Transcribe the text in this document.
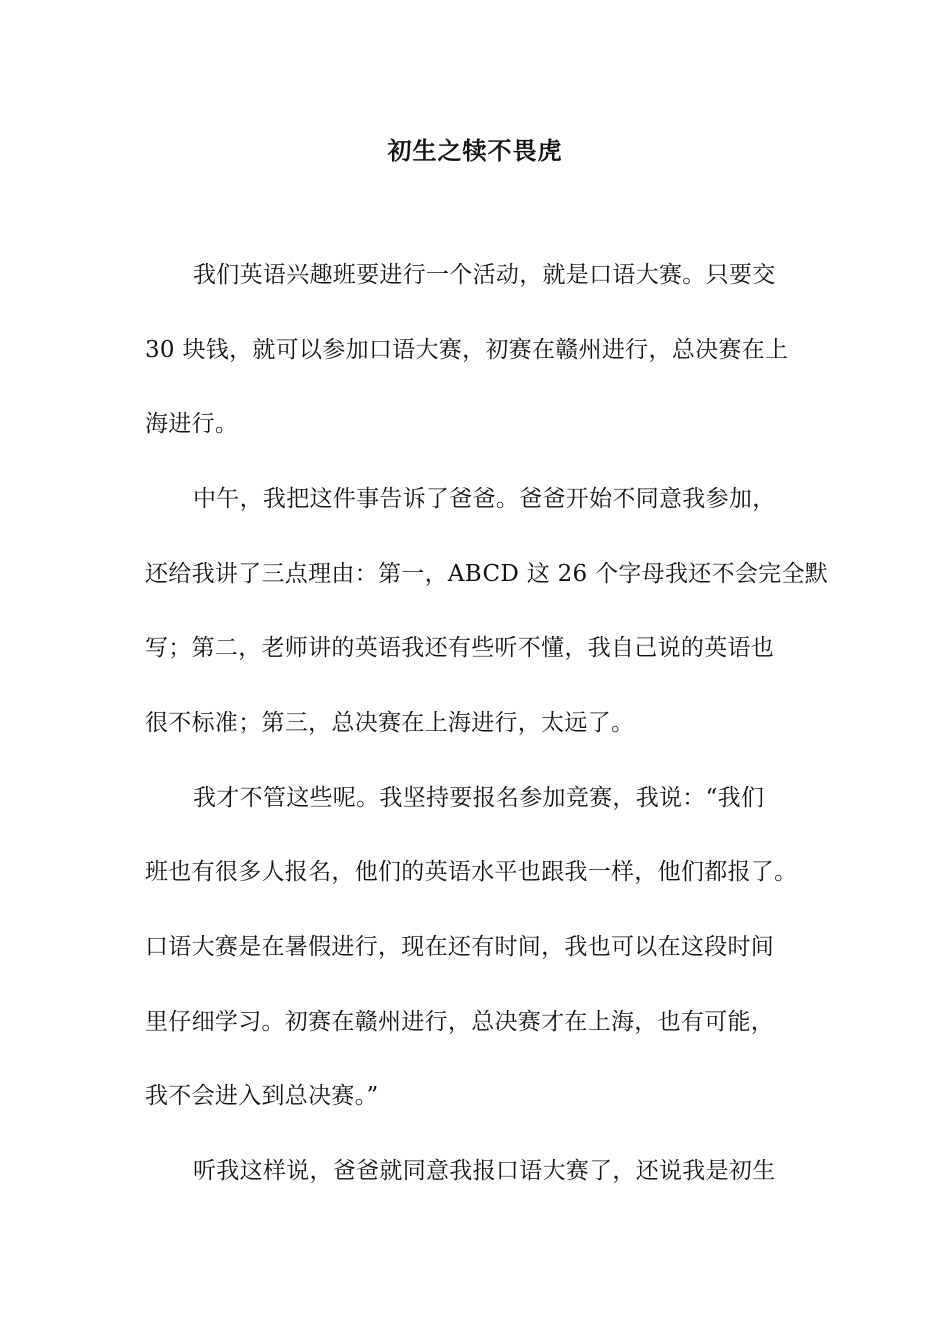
初生之犊不畏虎
我们英语兴趣班要进行一个活动，就是口语大赛。只要交
30 块钱，就可以参加口语大赛，初赛在赣州进行，总决赛在上
海进行。
中午，我把这件事告诉了爸爸。爸爸开始不同意我参加，
还给我讲了三点理由：第一，ABCD 这 26 个字母我还不会完全默
写；第二，老师讲的英语我还有些听不懂，我自己说的英语也
很不标准；第三，总决赛在上海进行，太远了。
我才不管这些呢。我坚持要报名参加竞赛，我说：“我们
班也有很多人报名，他们的英语水平也跟我一样，他们都报了。
口语大赛是在暑假进行，现在还有时间，我也可以在这段时间
里仔细学习。初赛在赣州进行，总决赛才在上海，也有可能，
我不会进入到总决赛。”
听我这样说，爸爸就同意我报口语大赛了，还说我是初生
